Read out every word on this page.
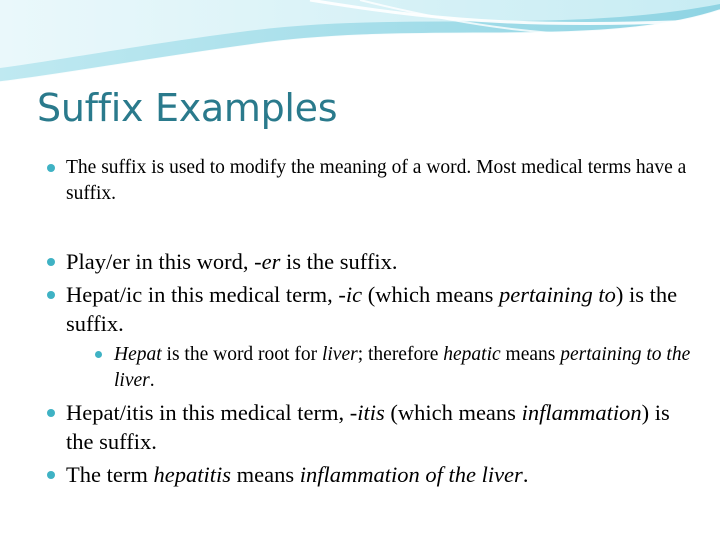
Suffix Examples
The suffix is used to modify the meaning of a word. Most medical terms have a suffix.
Play/er in this word, -er is the suffix.
Hepat/ic in this medical term, -ic (which means pertaining to) is the suffix.
Hepat is the word root for liver; therefore hepatic means pertaining to the liver.
Hepat/itis in this medical term, -itis (which means inflammation) is the suffix.
The term hepatitis means inflammation of the liver.
